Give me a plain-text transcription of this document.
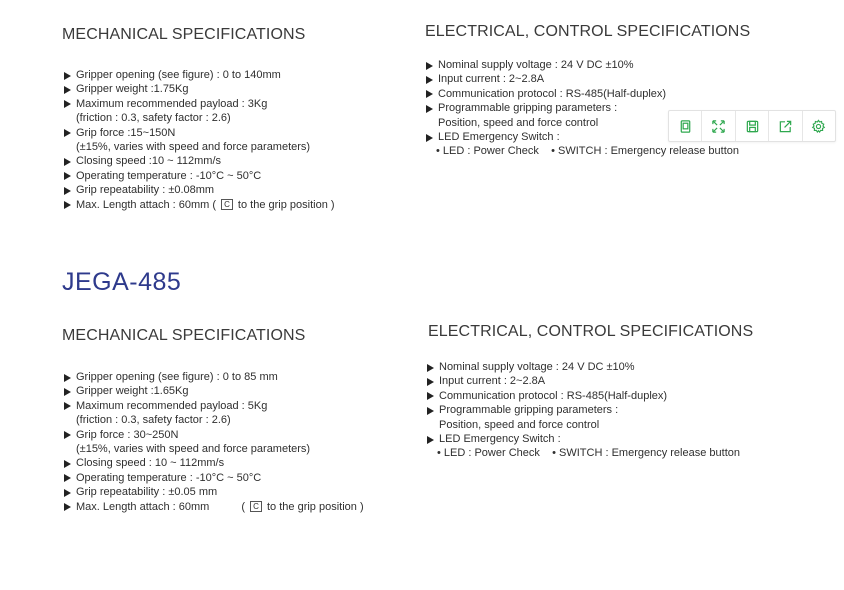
MECHANICAL SPECIFICATIONS
Gripper opening (see figure) : 0 to 140mm
Gripper weight :1.75Kg
Maximum recommended payload : 3Kg
(friction : 0.3, safety factor : 2.6)
Grip force :15~150N
(±15%, varies with speed and force parameters)
Closing speed :10 ~ 112mm/s
Operating temperature : -10°C ~ 50°C
Grip repeatability : ±0.08mm
Max. Length attach : 60mm ( C to the grip position )
ELECTRICAL, CONTROL SPECIFICATIONS
Nominal supply voltage : 24 V DC ±10%
Input current : 2~2.8A
Communication protocol : RS-485(Half-duplex)
Programmable gripping parameters :
Position, speed and force control
LED Emergency Switch :
• LED : Power Check • SWITCH : Emergency release button
JEGA-485
MECHANICAL SPECIFICATIONS
Gripper opening (see figure) : 0 to 85 mm
Gripper weight :1.65Kg
Maximum recommended payload : 5Kg
(friction : 0.3, safety factor : 2.6)
Grip force : 30~250N
(±15%, varies with speed and force parameters)
Closing speed : 10 ~ 112mm/s
Operating temperature : -10°C ~ 50°C
Grip repeatability : ±0.05 mm
Max. Length attach : 60mm	( C to the grip position )
ELECTRICAL, CONTROL SPECIFICATIONS
Nominal supply voltage : 24 V DC ±10%
Input current : 2~2.8A
Communication protocol : RS-485(Half-duplex)
Programmable gripping parameters :
Position, speed and force control
LED Emergency Switch :
• LED : Power Check • SWITCH : Emergency release button
